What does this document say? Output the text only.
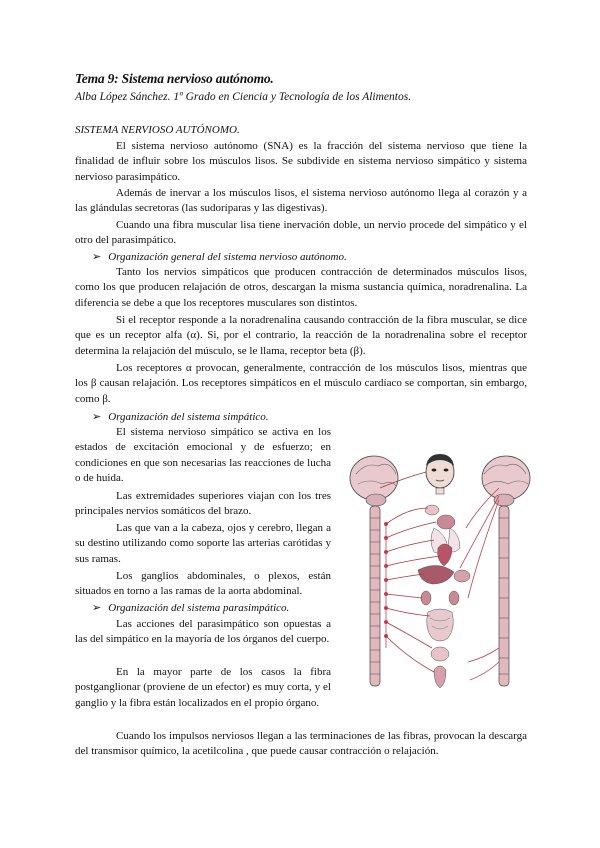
Tema 9: Sistema nervioso autónomo.
Alba López Sánchez. 1º Grado en Ciencia y Tecnología de los Alimentos.
SISTEMA NERVIOSO AUTÓNOMO.
El sistema nervioso autónomo (SNA) es la fracción del sistema nervioso que tiene la finalidad de influir sobre los músculos lisos. Se subdivide en sistema nervioso simpático y sistema nervioso parasimpático.
Además de inervar a los músculos lisos, el sistema nervioso autónomo llega al corazón y a las glándulas secretoras (las sudoríparas y las digestivas).
Cuando una fibra muscular lisa tiene inervación doble, un nervio procede del simpático y el otro del parasimpático.
➢ Organización general del sistema nervioso autónomo.
Tanto los nervios simpáticos que producen contracción de determinados músculos lisos, como los que producen relajación de otros, descargan la misma sustancia química, noradrenalina. La diferencia se debe a que los receptores musculares son distintos.
Si el receptor responde a la noradrenalina causando contracción de la fibra muscular, se dice que es un receptor alfa (α). Si, por el contrario, la reacción de la noradrenalina sobre el receptor determina la relajación del músculo, se le llama, receptor beta (β).
Los receptores α provocan, generalmente, contracción de los músculos lisos, mientras que los β causan relajación. Los receptores simpáticos en el músculo cardíaco se comportan, sin embargo, como β.
➢ Organización del sistema simpático.
El sistema nervioso simpático se activa en los estados de excitación emocional y de esfuerzo; en condiciones en que son necesarias las reacciones de lucha o de huida.
Las extremidades superiores viajan con los tres principales nervios somáticos del brazo.
Las que van a la cabeza, ojos y cerebro, llegan a su destino utilizando como soporte las arterias carótidas y sus ramas.
Los ganglios abdominales, o plexos, están situados en torno a las ramas de la aorta abdominal.
➢ Organización del sistema parasimpático.
Las acciones del parasimpático son opuestas a las del simpático en la mayoría de los órganos del cuerpo.
En la mayor parte de los casos la fibra postganglionar (proviene de un efector) es muy corta, y el ganglio y la fibra están localizados en el propio órgano.
Cuando los impulsos nerviosos llegan a las terminaciones de las fibras, provocan la descarga del transmisor químico, la acetilcolina , que puede causar contracción o relajación.
